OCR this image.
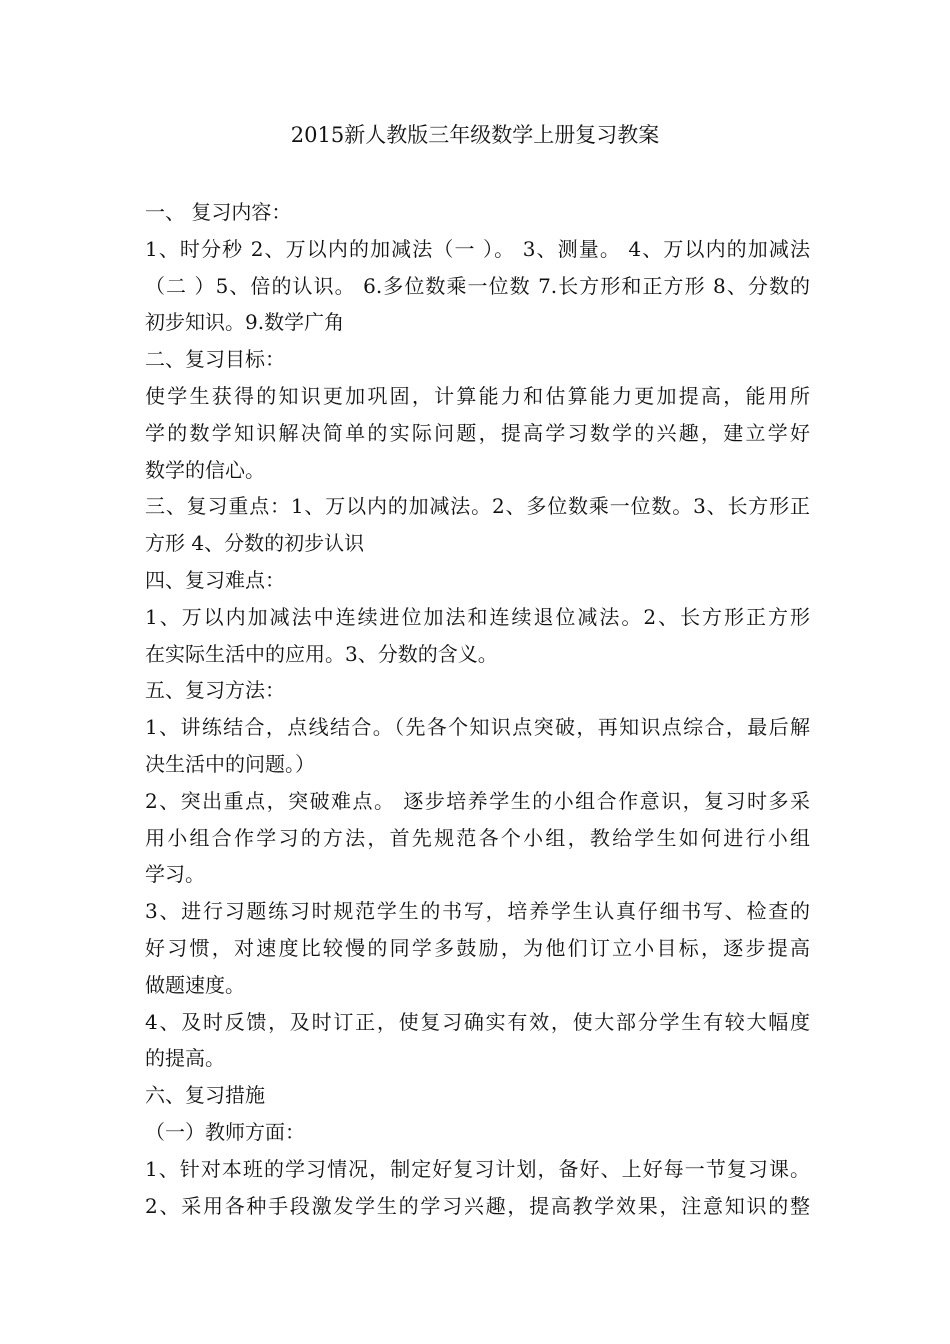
2015新人教版三年级数学上册复习教案
一、 复习内容：
1、时分秒 2、万以内的加减法（一 ）。 3、测量。 4、万以内的加减法
（二 ）5、倍的认识。 6.多位数乘一位数 7.长方形和正方形 8、分数的
初步知识。9.数学广角
二、复习目标：
使学生获得的知识更加巩固，计算能力和估算能力更加提高，能用所
学的数学知识解决简单的实际问题，提高学习数学的兴趣，建立学好
数学的信心。
三、复习重点：1、万以内的加减法。2、多位数乘一位数。3、长方形正
方形 4、分数的初步认识
四、复习难点：
1、万以内加减法中连续进位加法和连续退位减法。2、长方形正方形
在实际生活中的应用。3、分数的含义。
五、复习方法：
1、讲练结合，点线结合。（先各个知识点突破，再知识点综合，最后解
决生活中的问题。）
2、突出重点，突破难点。 逐步培养学生的小组合作意识，复习时多采
用小组合作学习的方法，首先规范各个小组，教给学生如何进行小组
学习。
3、进行习题练习时规范学生的书写，培养学生认真仔细书写、检查的
好习惯，对速度比较慢的同学多鼓励，为他们订立小目标，逐步提高
做题速度。
4、及时反馈，及时订正，使复习确实有效，使大部分学生有较大幅度
的提高。
六、复习措施
（一）教师方面：
1、针对本班的学习情况，制定好复习计划，备好、上好每一节复习课。
2、采用各种手段激发学生的学习兴趣，提高教学效果，注意知识的整
